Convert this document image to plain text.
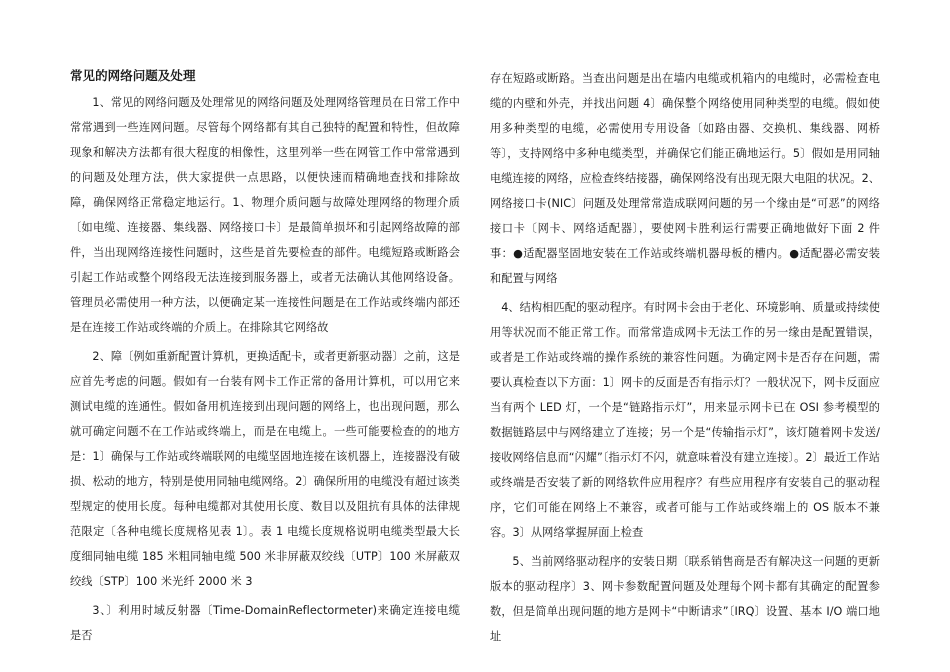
常见的网络问题及处理

1、常见的网络问题及处理常见的网络问题及处理网络管理员在日常工作中常常遇到一些连网问题。尽管每个网络都有其自己独特的配置和特性，但故障现象和解决方法都有很大程度的相像性，这里列举一些在网管工作中常常遇到的问题及处理方法，供大家提供一点思路，以便快速而精确地查找和排除故障，确保网络正常稳定地运行。1、物理介质问题与故障处理网络的物理介质〔如电缆、连接器、集线器、网络接口卡〕是最简单损坏和引起网络故障的部件，当出现网络连接性问题时，这些是首先要检查的部件。电缆短路或断路会引起工作站或整个网络段无法连接到服务器上，或者无法确认其他网络设备。管理员必需使用一种方法，以便确定某一连接性问题是在工作站或终端内部还是在连接工作站或终端的介质上。在排除其它网络故

2、障〔例如重新配置计算机，更换适配卡，或者更新驱动器〕之前，这是应首先考虑的问题。假如有一台装有网卡工作正常的备用计算机，可以用它来测试电缆的连通性。假如备用机连接到出现问题的网络上，也出现问题，那么就可确定问题不在工作站或终端上，而是在电缆上。一些可能要检查的的地方是：1〕确保与工作站或终端联网的电缆坚固地连接在该机器上，连接器没有破损、松动的地方，特别是使用同轴电缆网络。2〕确保所用的电缆没有超过该类型规定的使用长度。每种电缆都对其使用长度、数目以及阻抗有具体的法律规范限定〔各种电缆长度规格见表 1〕。表 1 电缆长度规格说明电缆类型最大长度细同轴电缆 185 米粗同轴电缆 500 米非屏蔽双绞线〔UTP〕100 米屏蔽双绞线〔STP〕100 米光纤 2000 米 3

3、〕利用时域反射器〔Time-DomainReflectormeter)来确定连接电缆是否

存在短路或断路。当查出问题是出在墙内电缆或机箱内的电缆时，必需检查电缆的内壁和外壳，并找出问题 4〕确保整个网络使用同种类型的电缆。假如使用多种类型的电缆，必需使用专用设备〔如路由器、交换机、集线器、网桥等〕，支持网络中多种电缆类型，并确保它们能正确地运行。5〕假如是用同轴电缆连接的网络，应检查终结接器，确保网络没有出现无限大电阻的状况。2、网络接口卡(NIC〕问题及处理常常造成联网问题的另一个缘由是“可恶”的网络接口卡〔网卡、网络适配器〕，要使网卡胜利运行需要正确地做好下面 2 件事：●适配器坚固地安装在工作站或终端机器母板的槽内。●适配器必需安装和配置与网络

4、结构相匹配的驱动程序。有时网卡会由于老化、环境影响、质量或持续使用等状况而不能正常工作。而常常造成网卡无法工作的另一缘由是配置错误，或者是工作站或终端的操作系统的兼容性问题。为确定网卡是否存在问题，需要认真检查以下方面：1〕网卡的反面是否有指示灯？一般状况下，网卡反面应当有两个 LED 灯，一个是“链路指示灯”，用来显示网卡已在 OSI 参考模型的数据链路层中与网络建立了连接；另一个是“传输指示灯”，该灯随着网卡发送/接收网络信息而“闪耀”〔指示灯不闪，就意味着没有建立连接〕。2〕最近工作站或终端是否安装了新的网络软件应用程序？有些应用程序有安装自己的驱动程序，它们可能在网络上不兼容，或者可能与工作站或终端上的 OS 版本不兼容。3〕从网络掌握屏面上检查

5、当前网络驱动程序的安装日期〔联系销售商是否有解决这一问题的更新版本的驱动程序〕3、网卡参数配置问题及处理每个网卡都有其确定的配置参数，但是简单出现问题的地方是网卡“中断请求”〔IRQ〕设置、基本 I/O 端口地址
